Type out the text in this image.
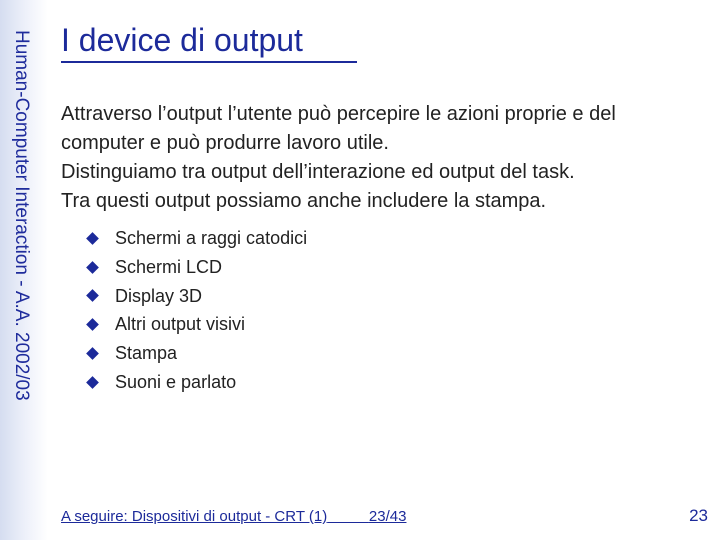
Human-Computer Interaction - A.A. 2002/03 I device di output

Attraverso l’output l’utente può percepire le azioni proprie e del computer e può produrre lavoro utile.

Distinguiamo tra output dell’interazione ed output del task.

Tra questi output possiamo anche includere la stampa.

Schermi a raggi catodici
Schermi LCD
Display 3D
Altri output visivi
Stampa
Suoni e parlato
A seguire: Dispositivi di output - CRT (1)	23/43	23
